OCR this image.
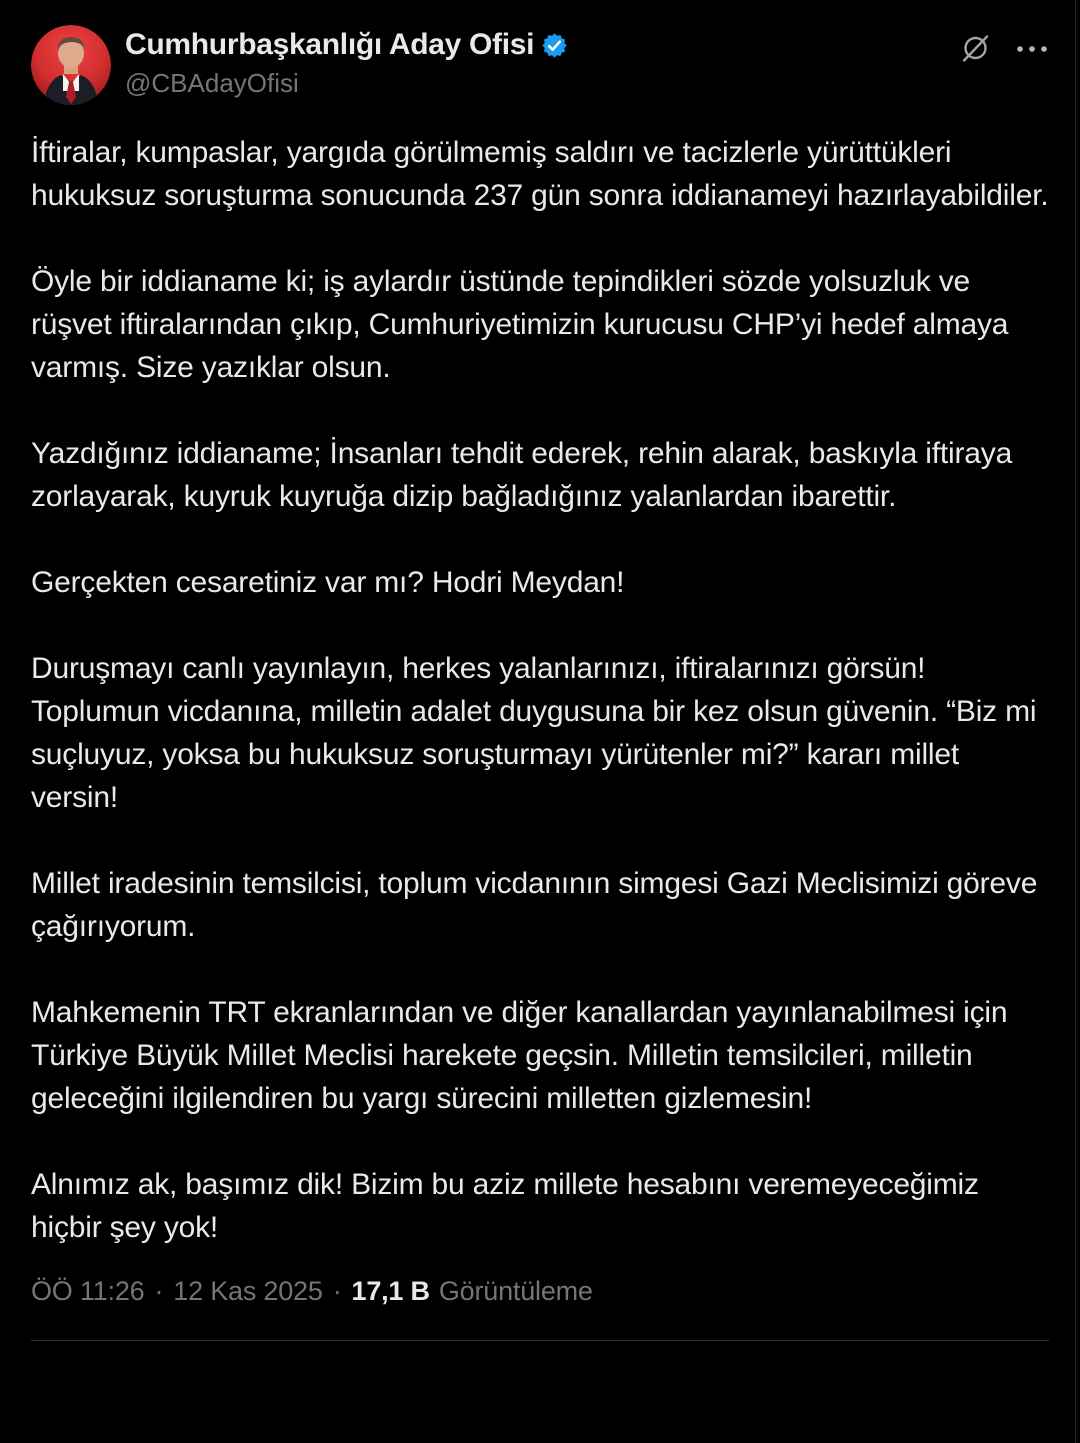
Cumhurbaşkanlığı Aday Ofisi
@CBAdayOfisi

İftiralar, kumpaslar, yargıda görülmemiş saldırı ve tacizlerle yürüttükleri hukuksuz soruşturma sonucunda 237 gün sonra iddianameyi hazırlayabildiler.

Öyle bir iddianame ki; iş aylardır üstünde tepindikleri sözde yolsuzluk ve rüşvet iftiralarından çıkıp, Cumhuriyetimizin kurucusu CHP’yi hedef almaya varmış. Size yazıklar olsun.

Yazdığınız iddianame; İnsanları tehdit ederek, rehin alarak, baskıyla iftiraya zorlayarak, kuyruk kuyruğa dizip bağladığınız yalanlardan ibarettir.

Gerçekten cesaretiniz var mı? Hodri Meydan!

Duruşmayı canlı yayınlayın, herkes yalanlarınızı, iftiralarınızı görsün! Toplumun vicdanına, milletin adalet duygusuna bir kez olsun güvenin. “Biz mi suçluyuz, yoksa bu hukuksuz soruşturmayı yürütenler mi?” kararı millet versin!

Millet iradesinin temsilcisi, toplum vicdanının simgesi Gazi Meclisimizi göreve çağırıyorum.

Mahkemenin TRT ekranlarından ve diğer kanallardan yayınlanabilmesi için Türkiye Büyük Millet Meclisi harekete geçsin. Milletin temsilcileri, milletin geleceğini ilgilendiren bu yargı sürecini milletten gizlemesin!

Alnımız ak, başımız dik! Bizim bu aziz millete hesabını veremeyeceğimiz hiçbir şey yok!

ÖÖ 11:26 · 12 Kas 2025 · 17,1 B Görüntüleme
